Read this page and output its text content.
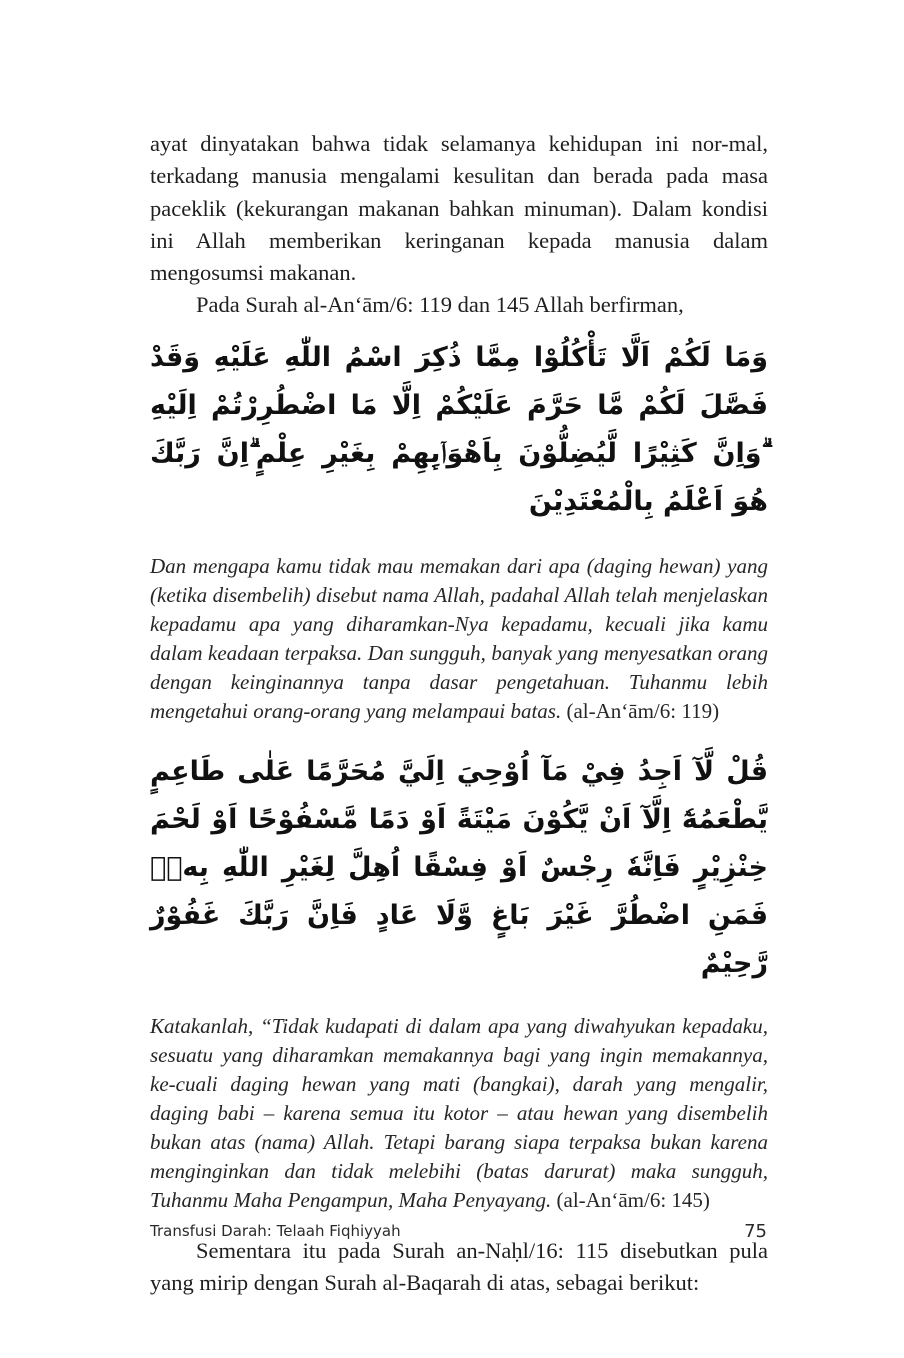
ayat dinyatakan bahwa tidak selamanya kehidupan ini nor-mal, terkadang manusia mengalami kesulitan dan berada pada masa paceklik (kekurangan makanan bahkan minuman). Dalam kondisi ini Allah memberikan keringanan kepada manusia dalam mengosumsi makanan.

Pada Surah al-An‘ām/6: 119 dan 145 Allah berfirman,

وَمَا لَكُمْ اَلَّا تَأْكُلُوْا مِمَّا ذُكِرَ اسْمُ اللّٰهِ عَلَيْهِ وَقَدْ فَصَّلَ لَكُمْ مَّا حَرَّمَ عَلَيْكُمْ اِلَّا مَا اضْطُرِرْتُمْ اِلَيْهِ ۗوَاِنَّ كَثِيْرًا لَّيُضِلُّوْنَ بِاَهْوَاۤىِٕهِمْ بِغَيْرِ عِلْمٍ ۗاِنَّ رَبَّكَ هُوَ اَعْلَمُ بِالْمُعْتَدِيْنَ

Dan mengapa kamu tidak mau memakan dari apa (daging hewan) yang (ketika disembelih) disebut nama Allah, padahal Allah telah menjelaskan kepadamu apa yang diharamkan-Nya kepadamu, kecuali jika kamu dalam keadaan terpaksa. Dan sungguh, banyak yang menyesatkan orang dengan keinginannya tanpa dasar pengetahuan. Tuhanmu lebih mengetahui orang-orang yang melampaui batas. (al-An‘ām/6: 119)

قُلْ لَّآ اَجِدُ فِيْ مَآ اُوْحِيَ اِلَيَّ مُحَرَّمًا عَلٰى طَاعِمٍ يَّطْعَمُهٗٓ اِلَّآ اَنْ يَّكُوْنَ مَيْتَةً اَوْ دَمًا مَّسْفُوْحًا اَوْ لَحْمَ خِنْزِيْرٍ فَاِنَّهٗ رِجْسٌ اَوْ فِسْقًا اُهِلَّ لِغَيْرِ اللّٰهِ بِهٖۚ فَمَنِ اضْطُرَّ غَيْرَ بَاغٍ وَّلَا عَادٍ فَاِنَّ رَبَّكَ غَفُوْرٌ رَّحِيْمٌ

Katakanlah, “Tidak kudapati di dalam apa yang diwahyukan kepadaku, sesuatu yang diharamkan memakannya bagi yang ingin memakannya, ke-cuali daging hewan yang mati (bangkai), darah yang mengalir, daging babi – karena semua itu kotor – atau hewan yang disembelih bukan atas (nama) Allah. Tetapi barang siapa terpaksa bukan karena menginginkan dan tidak melebihi (batas darurat) maka sungguh, Tuhanmu Maha Pengampun, Maha Penyayang. (al-An‘ām/6: 145)

Sementara itu pada Surah an-Naḥl/16: 115 disebutkan pula yang mirip dengan Surah al-Baqarah di atas, sebagai berikut:

Transfusi Darah: Telaah Fiqhiyyah	75
